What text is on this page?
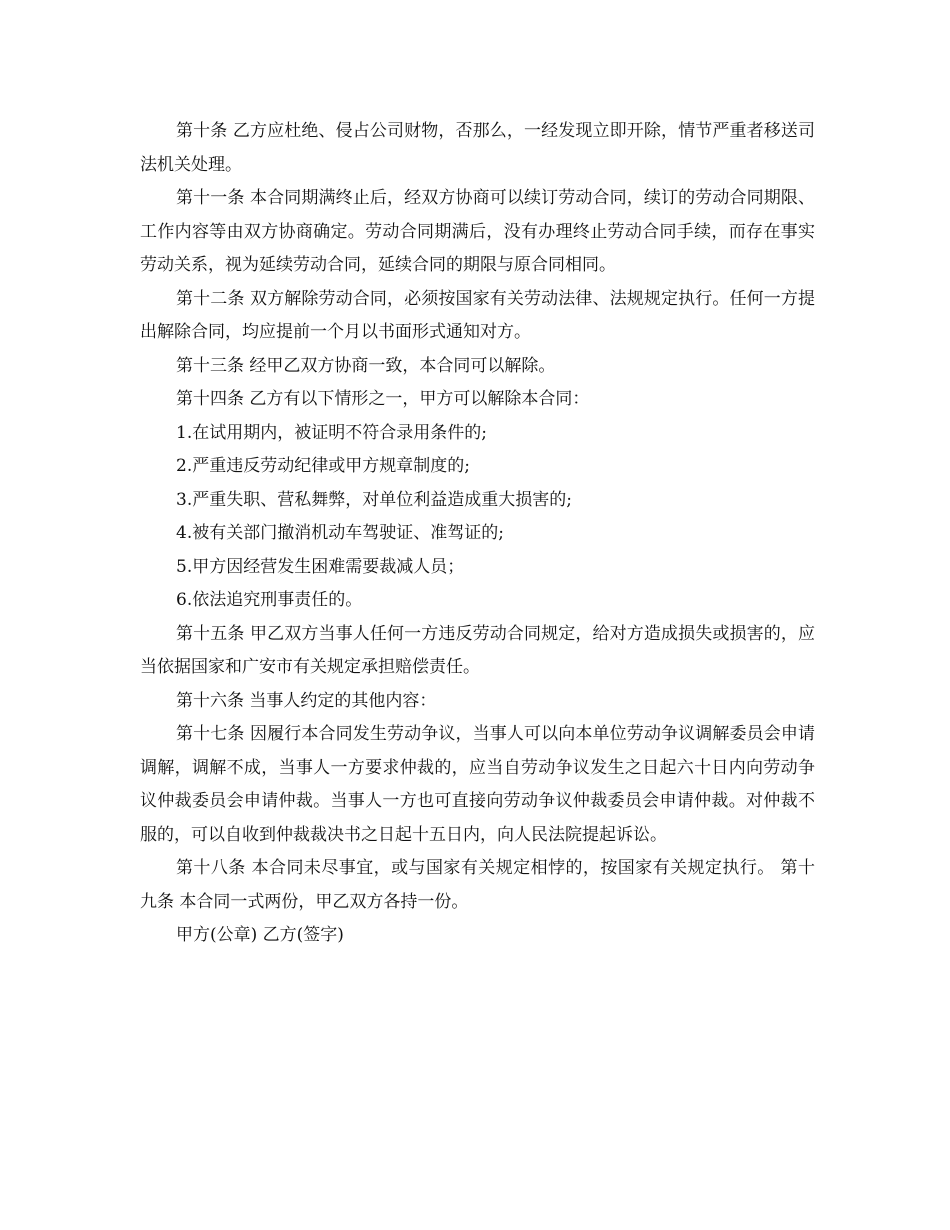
第十条 乙方应杜绝、侵占公司财物，否那么，一经发现立即开除，情节严重者移送司法机关处理。

第十一条 本合同期满终止后，经双方协商可以续订劳动合同，续订的劳动合同期限、工作内容等由双方协商确定。劳动合同期满后，没有办理终止劳动合同手续，而存在事实劳动关系，视为延续劳动合同，延续合同的期限与原合同相同。

第十二条 双方解除劳动合同，必须按国家有关劳动法律、法规规定执行。任何一方提出解除合同，均应提前一个月以书面形式通知对方。

第十三条 经甲乙双方协商一致，本合同可以解除。

第十四条 乙方有以下情形之一，甲方可以解除本合同：

1.在试用期内，被证明不符合录用条件的;

2.严重违反劳动纪律或甲方规章制度的;

3.严重失职、营私舞弊，对单位利益造成重大损害的;

4.被有关部门撤消机动车驾驶证、准驾证的;

5.甲方因经营发生困难需要裁减人员；

6.依法追究刑事责任的。

第十五条 甲乙双方当事人任何一方违反劳动合同规定，给对方造成损失或损害的，应当依据国家和广安市有关规定承担赔偿责任。

第十六条 当事人约定的其他内容：

第十七条 因履行本合同发生劳动争议，当事人可以向本单位劳动争议调解委员会申请调解，调解不成，当事人一方要求仲裁的，应当自劳动争议发生之日起六十日内向劳动争议仲裁委员会申请仲裁。当事人一方也可直接向劳动争议仲裁委员会申请仲裁。对仲裁不服的，可以自收到仲裁裁决书之日起十五日内，向人民法院提起诉讼。

第十八条 本合同未尽事宜，或与国家有关规定相悖的，按国家有关规定执行。 第十九条 本合同一式两份，甲乙双方各持一份。

甲方(公章) 乙方(签字)
